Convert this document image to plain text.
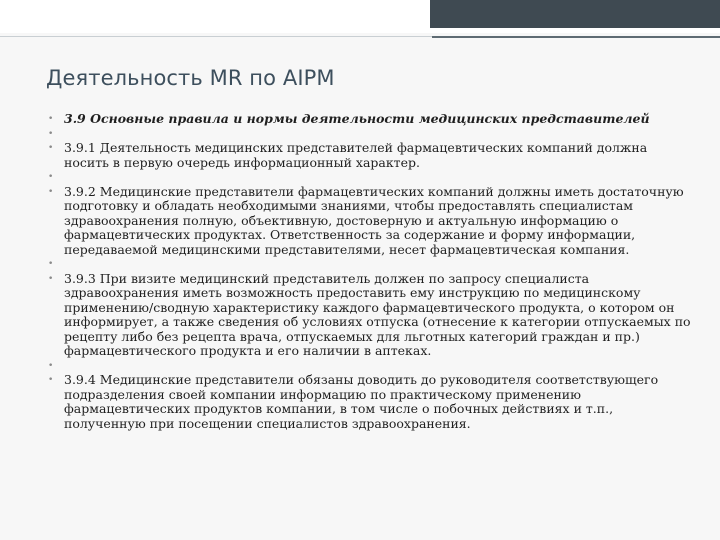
Деятельность MR по AIPM
• 3.9 Основные правила и нормы деятельности медицинских представителей
•
• 3.9.1 Деятельность медицинских представителей фармацевтических компаний должна носить в первую очередь информационный характер.
•
• 3.9.2 Медицинские представители фармацевтических компаний должны иметь достаточную подготовку и обладать необходимыми знаниями, чтобы предоставлять специалистам здравоохранения полную, объективную, достоверную и актуальную информацию о фармацевтических продуктах. Ответственность за содержание и форму информации, передаваемой медицинскими представителями, несет фармацевтическая компания.
•
• 3.9.3 При визите медицинский представитель должен по запросу специалиста здравоохранения иметь возможность предоставить ему инструкцию по медицинскому применению/сводную характеристику каждого фармацевтического продукта, о котором он информирует, а также сведения об условиях отпуска (отнесение к категории отпускаемых по рецепту либо без рецепта врача, отпускаемых для льготных категорий граждан и пр.) фармацевтического продукта и его наличии в аптеках.
•
• 3.9.4 Медицинские представители обязаны доводить до руководителя соответствующего подразделения своей компании информацию по практическому применению фармацевтических продуктов компании, в том числе о побочных действиях и т.п., полученную при посещении специалистов здравоохранения.
